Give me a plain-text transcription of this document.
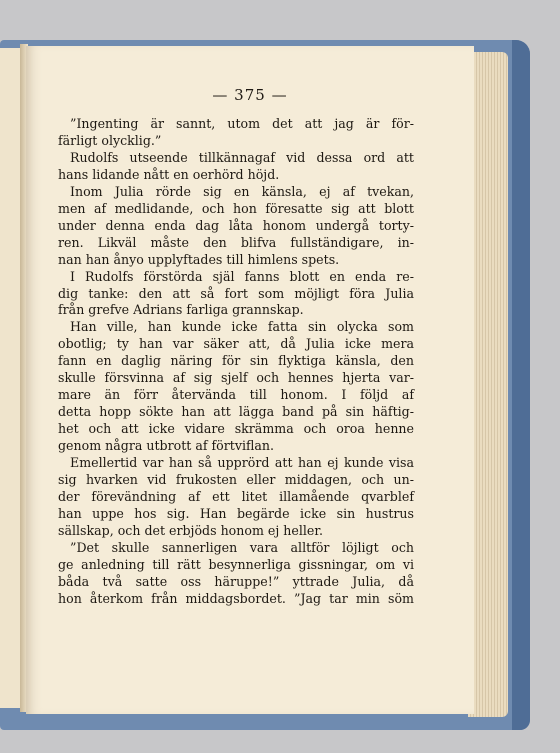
— 375 —
”Ingenting är sannt, utom det att jag är för-
färligt olycklig.”
Rudolfs utseende tillkännagaf vid dessa ord att
hans lidande nått en oerhörd höjd.
Inom Julia rörde sig en känsla, ej af tvekan,
men af medlidande, och hon föresatte sig att blott
under denna enda dag låta honom undergå torty-
ren. Likväl måste den blifva fullständigare, in-
nan han ånyo upplyftades till himlens spets.
I Rudolfs förstörda själ fanns blott en enda re-
dig tanke: den att så fort som möjligt föra Julia
från grefve Adrians farliga grannskap.
Han ville, han kunde icke fatta sin olycka som
obotlig; ty han var säker att, då Julia icke mera
fann en daglig näring för sin flyktiga känsla, den
skulle försvinna af sig sjelf och hennes hjerta var-
mare än förr återvända till honom. I följd af
detta hopp sökte han att lägga band på sin häftig-
het och att icke vidare skrämma och oroa henne
genom några utbrott af förtviflan.
Emellertid var han så upprörd att han ej kunde visa
sig hvarken vid frukosten eller middagen, och un-
der förevändning af ett litet illamående qvarblef
han uppe hos sig. Han begärde icke sin hustrus
sällskap, och det erbjöds honom ej heller.
”Det skulle sannerligen vara alltför löjligt och
ge anledning till rätt besynnerliga gissningar, om vi
båda två satte oss häruppe!” yttrade Julia, då
hon återkom från middagsbordet. ”Jag tar min söm
